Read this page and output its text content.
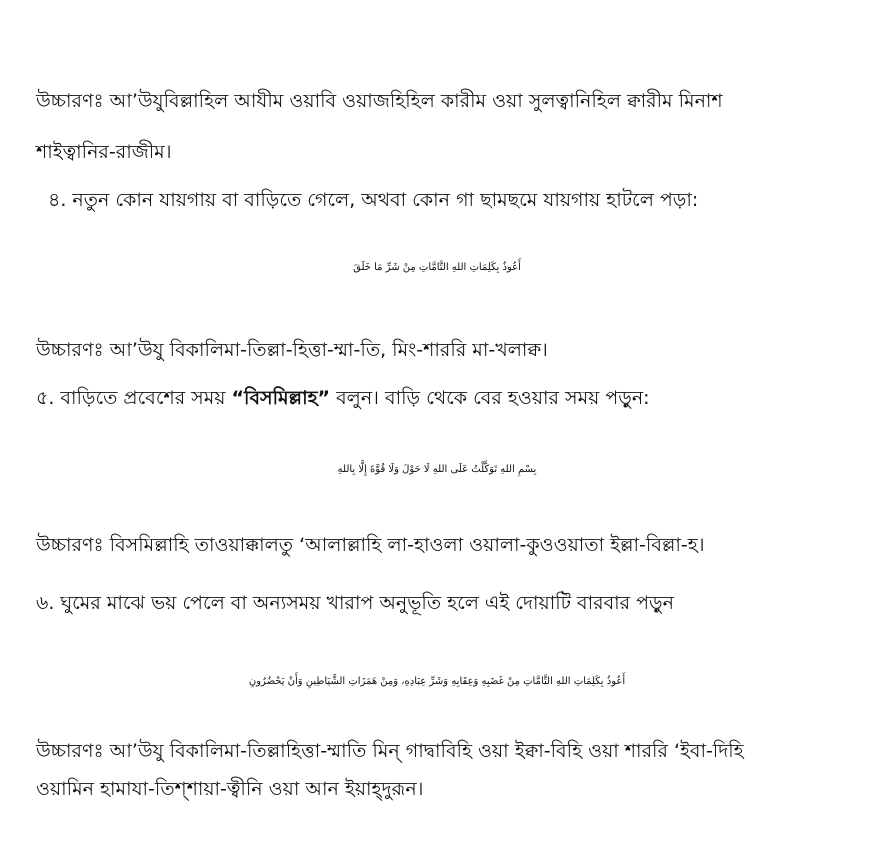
উচ্চারণঃ আ’উযুবিল্লাহিল আযীম ওয়াবি ওয়াজহিহিল কারীম ওয়া সুলত্বানিহিল ক্বারীম মিনাশ
শাইত্বানির-রাজীম।
৪. নতুন কোন যায়গায় বা বাড়িতে গেলে, অথবা কোন গা ছামছমে যায়গায় হাটলে পড়া:
أَعُوذُ بِكَلِمَاتِ اللهِ التَّامَّاتِ مِنْ شَرِّ مَا خَلَقَ
উচ্চারণঃ আ’উযু বিকালিমা-তিল্লা-হিত্তা-ম্মা-তি, মিং-শাররি মা-খলাক্ব।
৫. বাড়িতে প্রবেশের সময় “বিসমিল্লাহ” বলুন। বাড়ি থেকে বের হওয়ার সময় পড়ুন:
بِسْمِ اللهِ تَوَكَّلْتُ عَلَى اللهِ لَا حَوْلَ وَلَا قُوَّةَ إِلَّا بِاللهِ
উচ্চারণঃ বিসমিল্লাহি তাওয়াক্কালতু ‘আলাল্লাহি লা-হাওলা ওয়ালা-কুওওয়াতা ইল্লা-বিল্লা-হ।
৬. ঘুমের মাঝে ভয় পেলে বা অন্যসময় খারাপ অনুভূতি হলে এই দোয়াটি বারবার পড়ুন
أَعُوذُ بِكَلِمَاتِ اللهِ التَّامَّاتِ مِنْ غَضَبِهِ وَعِقَابِهِ وَشَرِّ عِبَادِهِ، وَمِنْ هَمَزَاتِ الشَّيَاطِينِ وَأَنْ يَحْضُرُونِ
উচ্চারণঃ আ’উযু বিকালিমা-তিল্লাহিত্তা-ম্মাতি মিন্ গাদ্বাবিহি ওয়া ইক্বা-বিহি ওয়া শাররি ‘ইবা-দিহি
ওয়ামিন হামাযা-তিশ্‌শায়া-ত্বীনি ওয়া আন ইয়াহ্‌দুরূন।
